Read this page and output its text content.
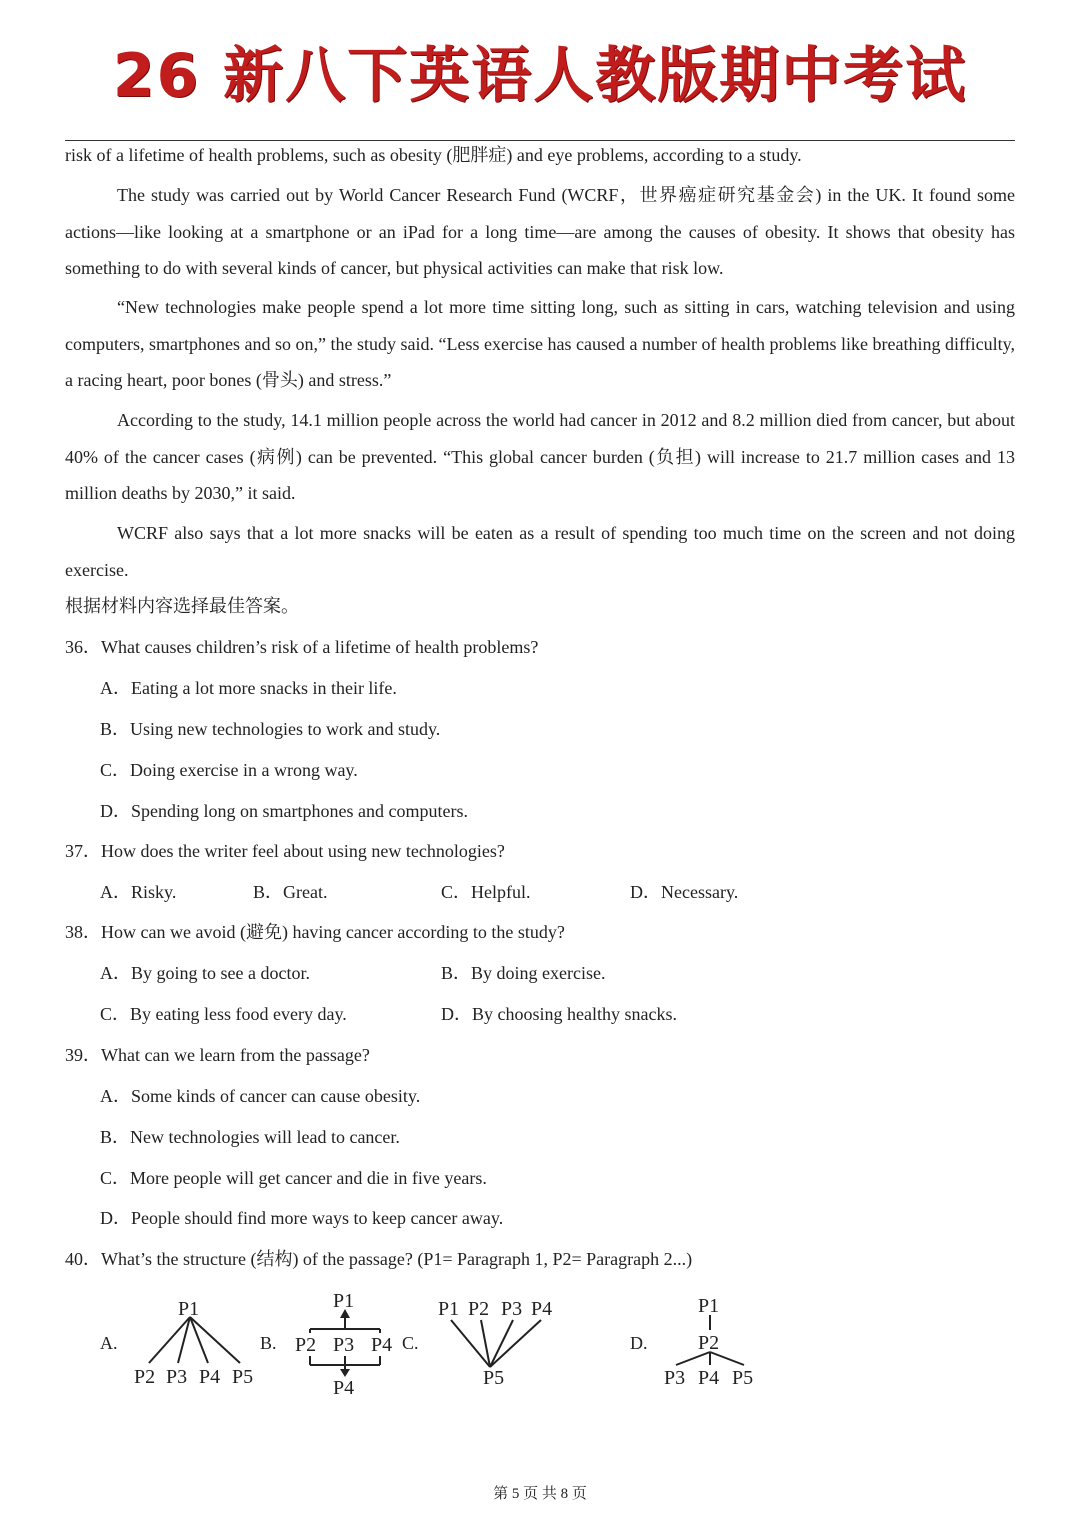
26 新八下英语人教版期中考试

risk of a lifetime of health problems, such as obesity (肥胖症) and eye problems, according to a study.

The study was carried out by World Cancer Research Fund (WCRF，世界癌症研究基金会) in the UK. It found some actions—like looking at a smartphone or an iPad for a long time—are among the causes of obesity. It shows that obesity has something to do with several kinds of cancer, but physical activities can make that risk low.

“New technologies make people spend a lot more time sitting long, such as sitting in cars, watching television and using computers, smartphones and so on,” the study said. “Less exercise has caused a number of health problems like breathing difficulty, a racing heart, poor bones (骨头) and stress.”

According to the study, 14.1 million people across the world had cancer in 2012 and 8.2 million died from cancer, but about 40% of the cancer cases (病例) can be prevented. “This global cancer burden (负担) will increase to 21.7 million cases and 13 million deaths by 2030,” it said.

WCRF also says that a lot more snacks will be eaten as a result of spending too much time on the screen and not doing exercise.

根据材料内容选择最佳答案。
36．What causes children’s risk of a lifetime of health problems?
A．Eating a lot more snacks in their life.
B．Using new technologies to work and study.
C．Doing exercise in a wrong way.
D．Spending long on smartphones and computers.
37．How does the writer feel about using new technologies?
A．Risky.	B．Great.	C．Helpful.	D．Necessary.
38．How can we avoid (避免) having cancer according to the study?
A．By going to see a doctor.	B．By doing exercise.
C．By eating less food every day.	D．By choosing healthy snacks.
39．What can we learn from the passage?
A．Some kinds of cancer can cause obesity.
B．New technologies will lead to cancer.
C．More people will get cancer and die in five years.
D．People should find more ways to keep cancer away.
40．What’s the structure (结构) of the passage? (P1= Paragraph 1, P2= Paragraph 2...)
A.	B.	C.	D.
P1
P2 P3 P4 P5
P1
P2 P3 P4
P4
P1 P2 P3 P4
P5
P1
P2
P3 P4 P5
第 5 页 共 8 页
